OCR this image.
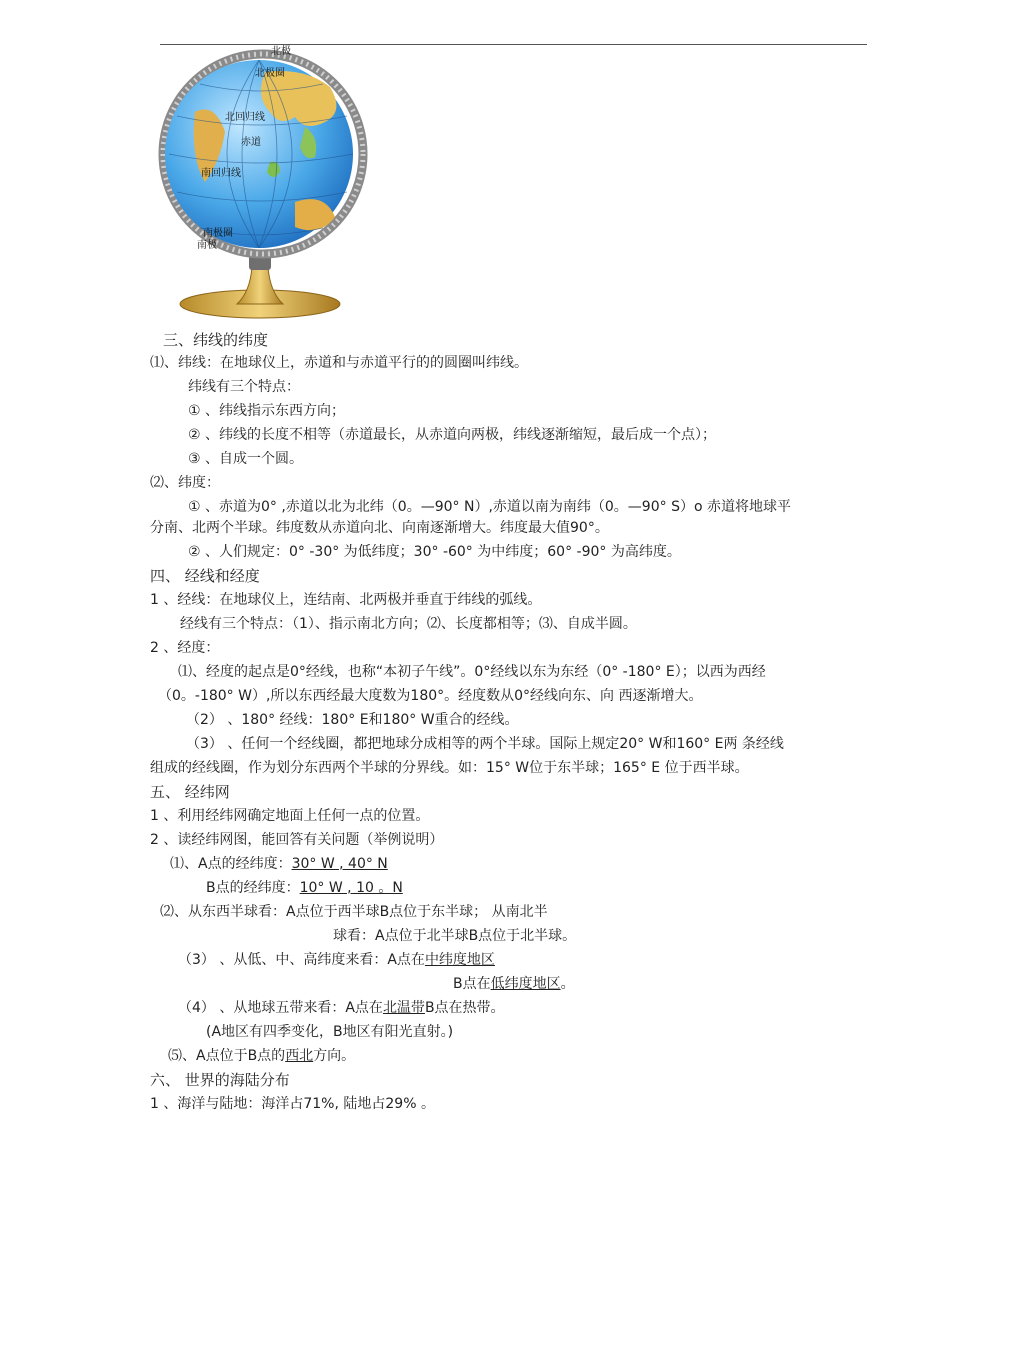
北极
北极圈
北回归线
赤道
南回归线
南极圈
南极
三、纬线的纬度
⑴、纬线：在地球仪上，赤道和与赤道平行的的圆圈叫纬线。
纬线有三个特点：
① 、纬线指示东西方向；
② 、纬线的长度不相等（赤道最长，从赤道向两极，纬线逐渐缩短，最后成一个点）；
③ 、自成一个圆。
⑵、纬度：
① 、赤道为0° ,赤道以北为北纬（0。—90° N）,赤道以南为南纬（0。—90° S）o 赤道将地球平
分南、北两个半球。纬度数从赤道向北、向南逐渐增大。纬度最大值90°。
② 、人们规定：0° -30° 为低纬度；30° -60° 为中纬度；60° -90° 为高纬度。
四、 经线和经度
1 、经线：在地球仪上，连结南、北两极并垂直于纬线的弧线。
经线有三个特点：（1）、指示南北方向；⑵、长度都相等；⑶、自成半圆。
2 、经度：
⑴、经度的起点是0°经线，也称“本初子午线”。0°经线以东为东经（0° -180° E）；以西为西经
（0。-180° W）,所以东西经最大度数为180°。经度数从0°经线向东、向 西逐渐增大。
（2） 、180° 经线：180° E和180° W重合的经线。
（3） 、任何一个经线圈，都把地球分成相等的两个半球。国际上规定20° W和160° E两 条经线
组成的经线圈，作为划分东西两个半球的分界线。如：15° W位于东半球；165° E 位于西半球。
五、 经纬网
1 、利用经纬网确定地面上任何一点的位置。
2 、读经纬网图，能回答有关问题（举例说明）
⑴、A点的经纬度：30° W , 40° N
B点的经纬度：10° W , 10 。N
⑵、从东西半球看：A点位于西半球B点位于东半球； 从南北半
球看：A点位于北半球B点位于北半球。
（3） 、从低、中、高纬度来看：A点在中纬度地区
B点在低纬度地区。
（4） 、从地球五带来看：A点在北温带B点在热带。
(A地区有四季变化，B地区有阳光直射。)
⑸、A点位于B点的西北方向。
六、 世界的海陆分布
1 、海洋与陆地：海洋占71%, 陆地占29% 。
